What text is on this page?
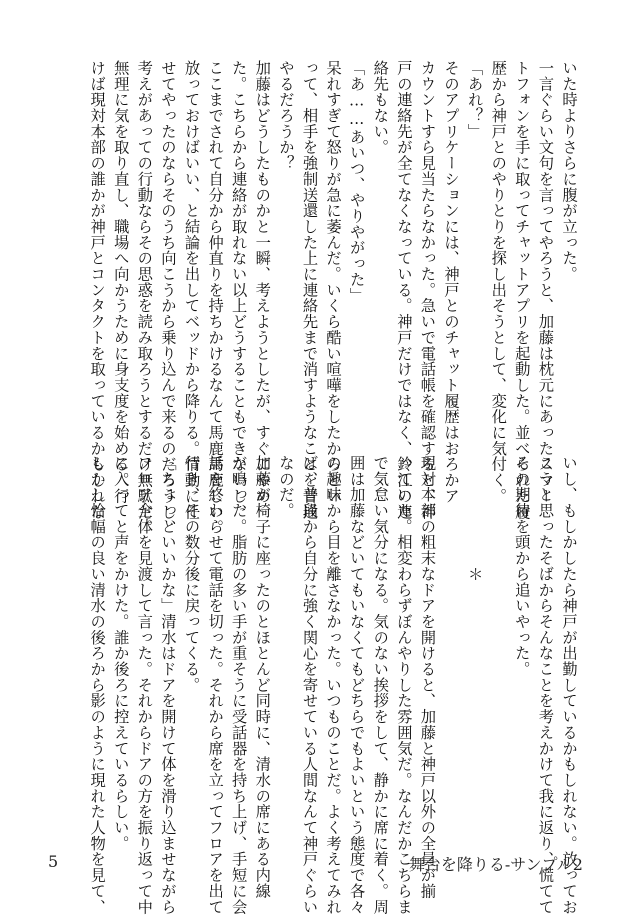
いた時よりさらに腹が立った。
一言ぐらい文句を言ってやろうと、加藤は枕元にあったスマー
トフォンを手に取ってチャットアプリを起動した。並べられた履
歴から神戸とのやりとりを探し出そうとして、変化に気付く。
「あれ？」
そのアプリケーションには、神戸とのチャット履歴はおろかア
カウントすら見当たらなかった。急いで電話帳を確認すると、神
戸の連絡先が全てなくなっている。神戸だけではなく、鈴江の連
絡先もない。
「あ……あいつ、やりやがった」
呆れすぎて怒りが急に萎んだ。いくら酷い喧嘩をしたからとい
って、相手を強制送還した上に連絡先まで消すようなことを普通
やるだろうか？
加藤はどうしたものかと一瞬、考えようとしたが、すぐにやめ
た。こちらから連絡が取れない以上どうすることもできないし、
ここまでされて自分から仲直りを持ちかけるなんて馬鹿馬鹿しい。
放っておけばいい、と結論を出してベッドから降りる。情動に任
せてやったのならそのうち向こうから乗り込んで来るのだろうし、
考えがあっての行動ならその思惑を読み取ろうとするだけ無駄だ。
無理に気を取り直し、職場へ向かうために身支度を始める。行
けば現対本部の誰かが神戸とコンタクトを取っているかもしれな
いし、もしかしたら神戸が出勤しているかもしれない。放ってお
こうと思ったそばからそんなことを考えかけて我に返り、慌てて
その期待を頭から追いやった。

　　　　　　　＊

現対本部の粗末なドアを開けると、加藤と神戸以外の全員が揃
っていた。相変わらずぼんやりした雰囲気だ。なんだかこちらま
で気怠い気分になる。気のない挨拶をして、静かに席に着く。周
囲は加藤などいてもいなくてもどちらでもよいという態度で各々
の趣味から目を離さなかった。いつものことだ。よく考えてみれ
ば、普段から自分に強く関心を寄せている人間なんて神戸ぐらい
なのだ。
加藤が椅子に座ったのとほとんど同時に、清水の席にある内線
が鳴った。脂肪の多い手が重そうに受話器を持ち上げ、手短に会
話を終わらせて電話を切った。それから席を立ってフロアを出て
行き、その数分後に戻ってくる。
「ちょっといいかな」清水はドアを開けて体を滑り込ませながら
フロア全体を見渡して言った。それからドアの方を振り返って中
に入ってと声をかけた。誰か後ろに控えているらしい。
しかし恰幅の良い清水の後ろから影のように現れた人物を見て、
5	舞台を降りる-サンプル2
